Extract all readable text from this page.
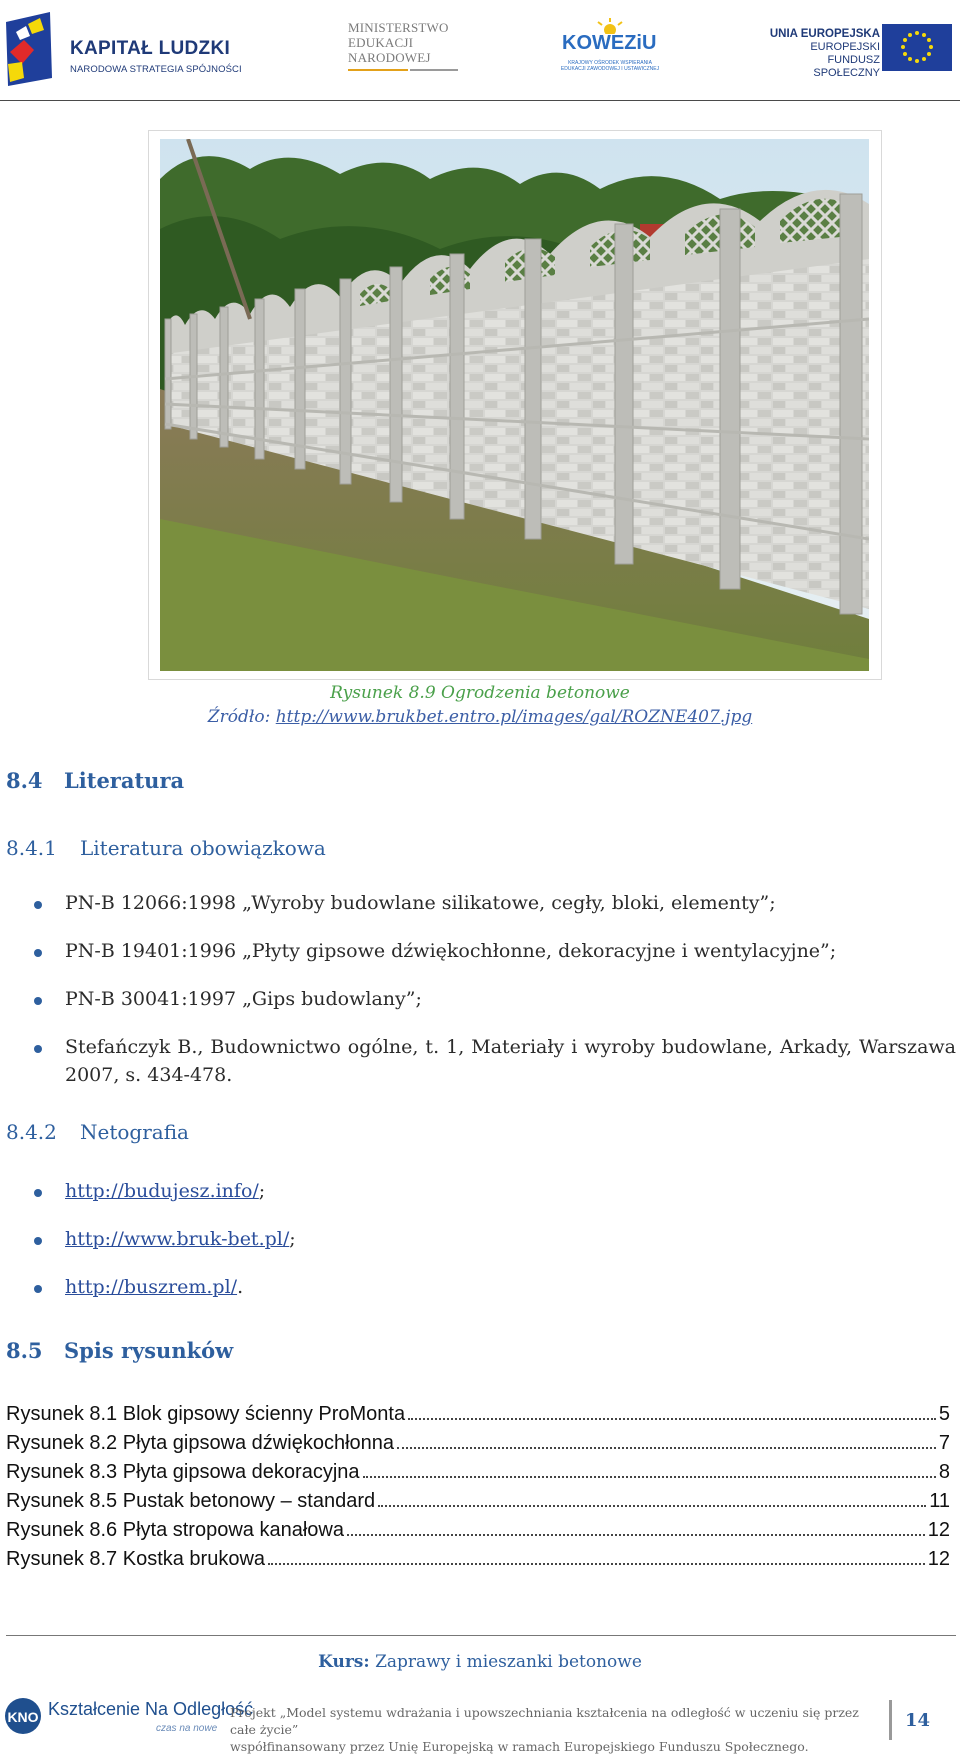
KAPITAŁ LUDZKI
NARODOWA STRATEGIA SPÓJNOŚCI
MINISTERSTWO
EDUKACJI
NARODOWEJ
KOWEZiU
KRAJOWY OŚRODEK WSPIERANIA EDUKACJI ZAWODOWEJ I USTAWICZNEJ
UNIA EUROPEJSKA
EUROPEJSKI
FUNDUSZ SPOŁECZNY
Rysunek 8.9 Ogrodzenia betonowe
Źródło: http://www.brukbet.entro.pl/images/gal/ROZNE407.jpg
8.4 Literatura
8.4.1 Literatura obowiązkowa
PN-B 12066:1998 „Wyroby budowlane silikatowe, cegły, bloki, elementy”;
PN-B 19401:1996 „Płyty gipsowe dźwiękochłonne, dekoracyjne i wentylacyjne”;
PN-B 30041:1997 „Gips budowlany”;
Stefańczyk B., Budownictwo ogólne, t. 1, Materiały i wyroby budowlane, Arkady, Warszawa 2007, s. 434-478.
8.4.2 Netografia
http://budujesz.info/;
http://www.bruk-bet.pl/;
http://buszrem.pl/.
8.5 Spis rysunków
Rysunek 8.1 Blok gipsowy ścienny ProMonta	5
Rysunek 8.2 Płyta gipsowa dźwiękochłonna	7
Rysunek 8.3 Płyta gipsowa dekoracyjna	8
Rysunek 8.5 Pustak betonowy – standard	11
Rysunek 8.6 Płyta stropowa kanałowa	12
Rysunek 8.7 Kostka brukowa	12
Kurs: Zaprawy i mieszanki betonowe
KNO Kształcenie Na Odległość
czas na nowe
Projekt „Model systemu wdrażania i upowszechniania kształcenia na odległość w uczeniu się przez całe życie”
współfinansowany przez Unię Europejską w ramach Europejskiego Funduszu Społecznego.
14
